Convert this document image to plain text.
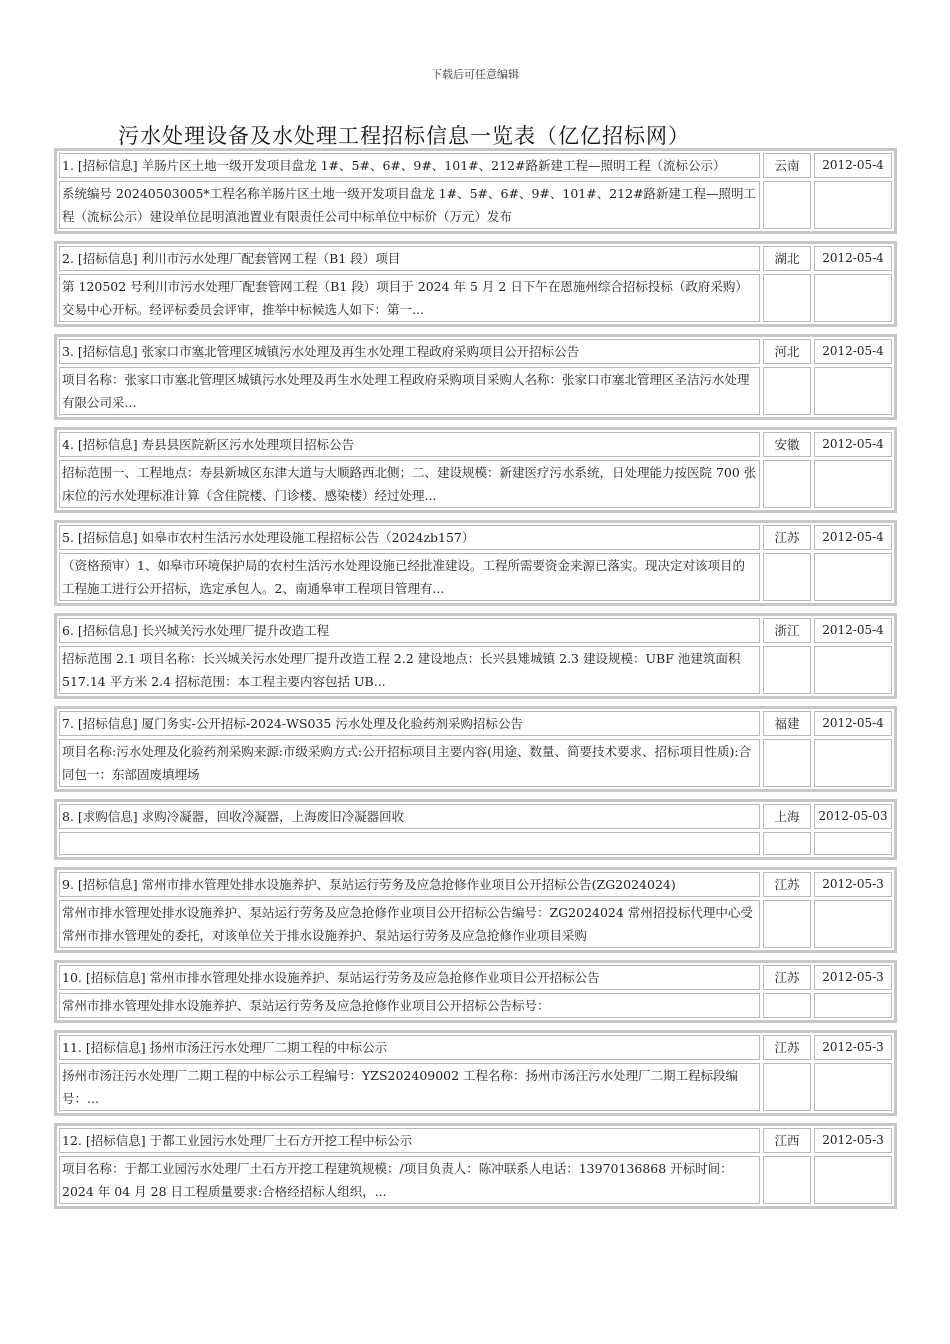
下载后可任意编辑
污水处理设备及水处理工程招标信息一览表（亿亿招标网）
1. [招标信息] 羊肠片区土地一级开发项目盘龙 1#、5#、6#、9#、101#、212#路新建工程—照明工程（流标公示）	云南	2012-05-4
系统编号 20240503005*工程名称羊肠片区土地一级开发项目盘龙 1#、5#、6#、9#、101#、212#路新建工程—照明工程（流标公示）建设单位昆明滇池置业有限责任公司中标单位中标价（万元）发布
2. [招标信息] 利川市污水处理厂配套管网工程（B1 段）项目	湖北	2012-05-4
第 120502 号利川市污水处理厂配套管网工程（B1 段）项目于 2024 年 5 月 2 日下午在恩施州综合招标投标（政府采购）交易中心开标。经评标委员会评审，推举中标候选人如下：第一...
3. [招标信息] 张家口市塞北管理区城镇污水处理及再生水处理工程政府采购项目公开招标公告	河北	2012-05-4
项目名称：张家口市塞北管理区城镇污水处理及再生水处理工程政府采购项目采购人名称：张家口市塞北管理区圣洁污水处理有限公司采...
4. [招标信息] 寿县县医院新区污水处理项目招标公告	安徽	2012-05-4
招标范围一、工程地点：寿县新城区东津大道与大顺路西北侧；二、建设规模：新建医疗污水系统，日处理能力按医院 700 张床位的污水处理标准计算（含住院楼、门诊楼、感染楼）经过处理...
5. [招标信息] 如皋市农村生活污水处理设施工程招标公告（2024zb157）	江苏	2012-05-4
（资格预审）1、如皋市环境保护局的农村生活污水处理设施已经批准建设。工程所需要资金来源已落实。现决定对该项目的工程施工进行公开招标，选定承包人。2、南通皋审工程项目管理有...
6. [招标信息] 长兴城关污水处理厂提升改造工程	浙江	2012-05-4
招标范围 2.1 项目名称：长兴城关污水处理厂提升改造工程 2.2 建设地点：长兴县雉城镇 2.3 建设规模：UBF 池建筑面积 517.14 平方米 2.4 招标范围：本工程主要内容包括 UB...
7. [招标信息] 厦门务实-公开招标-2024-WS035 污水处理及化验药剂采购招标公告	福建	2012-05-4
项目名称:污水处理及化验药剂采购来源:市级采购方式:公开招标项目主要内容(用途、数量、简要技术要求、招标项目性质):合同包一：东部固废填埋场
8. [求购信息] 求购冷凝器，回收冷凝器，上海废旧冷凝器回收	上海	2012-05-03
9. [招标信息] 常州市排水管理处排水设施养护、泵站运行劳务及应急抢修作业项目公开招标公告(ZG2024024)	江苏	2012-05-3
常州市排水管理处排水设施养护、泵站运行劳务及应急抢修作业项目公开招标公告编号：ZG2024024 常州招投标代理中心受常州市排水管理处的委托，对该单位关于排水设施养护、泵站运行劳务及应急抢修作业项目采购
10. [招标信息] 常州市排水管理处排水设施养护、泵站运行劳务及应急抢修作业项目公开招标公告	江苏	2012-05-3
常州市排水管理处排水设施养护、泵站运行劳务及应急抢修作业项目公开招标公告标号：
11. [招标信息] 扬州市汤汪污水处理厂二期工程的中标公示	江苏	2012-05-3
扬州市汤汪污水处理厂二期工程的中标公示工程编号：YZS202409002 工程名称：扬州市汤汪污水处理厂二期工程标段编号：...
12. [招标信息] 于都工业园污水处理厂土石方开挖工程中标公示	江西	2012-05-3
项目名称：于都工业园污水处理厂土石方开挖工程建筑规模：/项目负责人：陈冲联系人电话：13970136868 开标时间：2024 年 04 月 28 日工程质量要求:合格经招标人组织，...
